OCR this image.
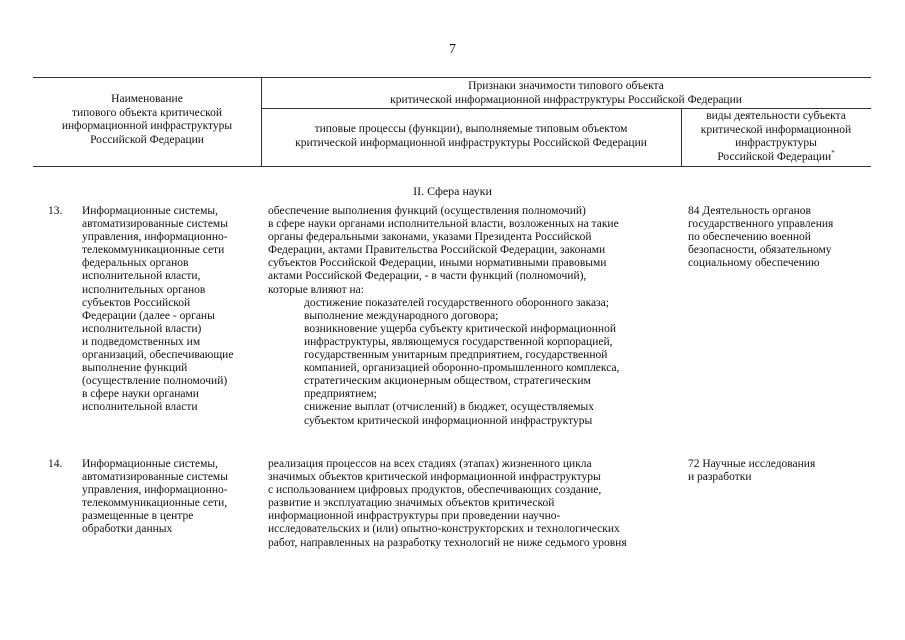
7
Наименование
типового объекта критической
информационной инфраструктуры
Российской Федерации
Признаки значимости типового объекта
критической информационной инфраструктуры Российской Федерации
типовые процессы (функции), выполняемые типовым объектом
критической информационной инфраструктуры Российской Федерации
виды деятельности субъекта
критической информационной
инфраструктуры
Российской Федерации*
II. Сфера науки
13. Информационные системы,
автоматизированные системы
управления, информационно-
телекоммуникационные сети
федеральных органов
исполнительной власти,
исполнительных органов
субъектов Российской
Федерации (далее - органы
исполнительной власти)
и подведомственных им
организаций, обеспечивающие
выполнение функций
(осуществление полномочий)
в сфере науки органами
исполнительной власти
обеспечение выполнения функций (осуществления полномочий)
в сфере науки органами исполнительной власти, возложенных на такие
органы федеральными законами, указами Президента Российской
Федерации, актами Правительства Российской Федерации, законами
субъектов Российской Федерации, иными нормативными правовыми
актами Российской Федерации, - в части функций (полномочий),
которые влияют на:
достижение показателей государственного оборонного заказа;
выполнение международного договора;
возникновение ущерба субъекту критической информационной
инфраструктуры, являющемуся государственной корпорацией,
государственным унитарным предприятием, государственной
компанией, организацией оборонно-промышленного комплекса,
стратегическим акционерным обществом, стратегическим
предприятием;
снижение выплат (отчислений) в бюджет, осуществляемых
субъектом критической информационной инфраструктуры
84 Деятельность органов
государственного управления
по обеспечению военной
безопасности, обязательному
социальному обеспечению
14. Информационные системы,
автоматизированные системы
управления, информационно-
телекоммуникационные сети,
размещенные в центре
обработки данных
реализация процессов на всех стадиях (этапах) жизненного цикла
значимых объектов критической информационной инфраструктуры
с использованием цифровых продуктов, обеспечивающих создание,
развитие и эксплуатацию значимых объектов критической
информационной инфраструктуры при проведении научно-
исследовательских и (или) опытно-конструкторских и технологических
работ, направленных на разработку технологий не ниже седьмого уровня
72 Научные исследования
и разработки
